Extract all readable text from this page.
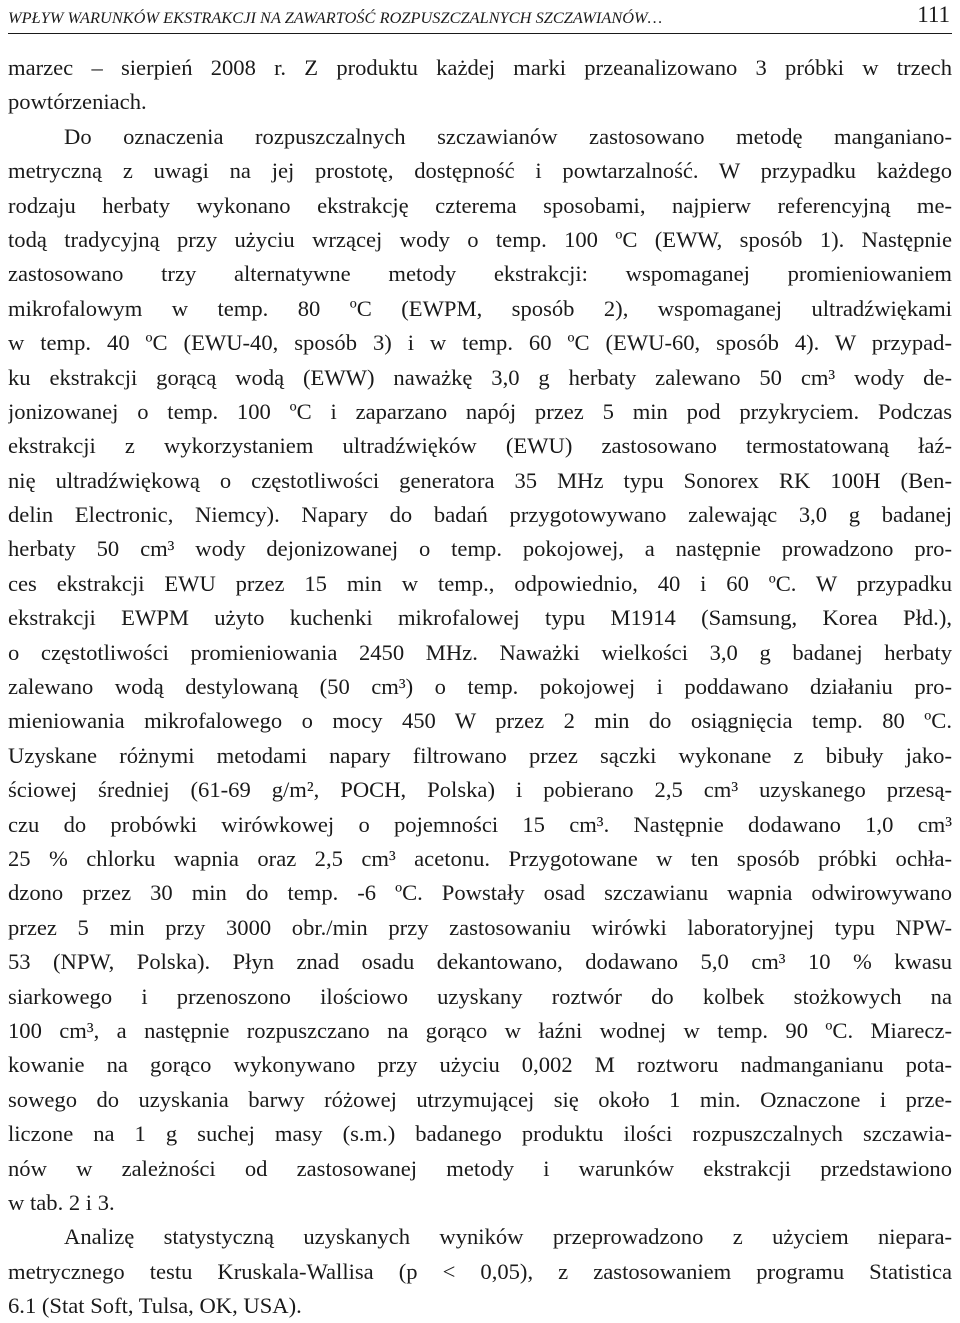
WPŁYW WARUNKÓW EKSTRAKCJI NA ZAWARTOŚĆ ROZPUSZCZALNYCH SZCZAWIANÓW…	111
marzec – sierpień 2008 r. Z produktu każdej marki przeanalizowano 3 próbki w trzech
powtórzeniach.
Do oznaczenia rozpuszczalnych szczawianów zastosowano metodę manganiano-
metryczną z uwagi na jej prostotę, dostępność i powtarzalność. W przypadku każdego
rodzaju herbaty wykonano ekstrakcję czterema sposobami, najpierw referencyjną me-
todą tradycyjną przy użyciu wrzącej wody o temp. 100 ºC (EWW, sposób 1). Następnie
zastosowano trzy alternatywne metody ekstrakcji: wspomaganej promieniowaniem
mikrofalowym w temp. 80 ºC (EWPM, sposób 2), wspomaganej ultradźwiękami
w temp. 40 ºC (EWU-40, sposób 3) i w temp. 60 ºC (EWU-60, sposób 4). W przypad-
ku ekstrakcji gorącą wodą (EWW) naważkę 3,0 g herbaty zalewano 50 cm³ wody de-
jonizowanej o temp. 100 ºC i zaparzano napój przez 5 min pod przykryciem. Podczas
ekstrakcji z wykorzystaniem ultradźwięków (EWU) zastosowano termostatowaną łaź-
nię ultradźwiękową o częstotliwości generatora 35 MHz typu Sonorex RK 100H (Ben-
delin Electronic, Niemcy). Napary do badań przygotowywano zalewając 3,0 g badanej
herbaty 50 cm³ wody dejonizowanej o temp. pokojowej, a następnie prowadzono pro-
ces ekstrakcji EWU przez 15 min w temp., odpowiednio, 40 i 60 ºC. W przypadku
ekstrakcji EWPM użyto kuchenki mikrofalowej typu M1914 (Samsung, Korea Płd.),
o częstotliwości promieniowania 2450 MHz. Naważki wielkości 3,0 g badanej herbaty
zalewano wodą destylowaną (50 cm³) o temp. pokojowej i poddawano działaniu pro-
mieniowania mikrofalowego o mocy 450 W przez 2 min do osiągnięcia temp. 80 ºC.
Uzyskane różnymi metodami napary filtrowano przez sączki wykonane z bibuły jako-
ściowej średniej (61-69 g/m², POCH, Polska) i pobierano 2,5 cm³ uzyskanego przesą-
czu do probówki wirówkowej o pojemności 15 cm³. Następnie dodawano 1,0 cm³
25 % chlorku wapnia oraz 2,5 cm³ acetonu. Przygotowane w ten sposób próbki ochła-
dzono przez 30 min do temp. -6 ºC. Powstały osad szczawianu wapnia odwirowywano
przez 5 min przy 3000 obr./min przy zastosowaniu wirówki laboratoryjnej typu NPW-
53 (NPW, Polska). Płyn znad osadu dekantowano, dodawano 5,0 cm³ 10 % kwasu
siarkowego i przenoszono ilościowo uzyskany roztwór do kolbek stożkowych na
100 cm³, a następnie rozpuszczano na gorąco w łaźni wodnej w temp. 90 ºC. Miarecz-
kowanie na gorąco wykonywano przy użyciu 0,002 M roztworu nadmanganianu pota-
sowego do uzyskania barwy różowej utrzymującej się około 1 min. Oznaczone i prze-
liczone na 1 g suchej masy (s.m.) badanego produktu ilości rozpuszczalnych szczawia-
nów w zależności od zastosowanej metody i warunków ekstrakcji przedstawiono
w tab. 2 i 3.
Analizę statystyczną uzyskanych wyników przeprowadzono z użyciem niepara-
metrycznego testu Kruskala-Wallisa (p < 0,05), z zastosowaniem programu Statistica
6.1 (Stat Soft, Tulsa, OK, USA).
